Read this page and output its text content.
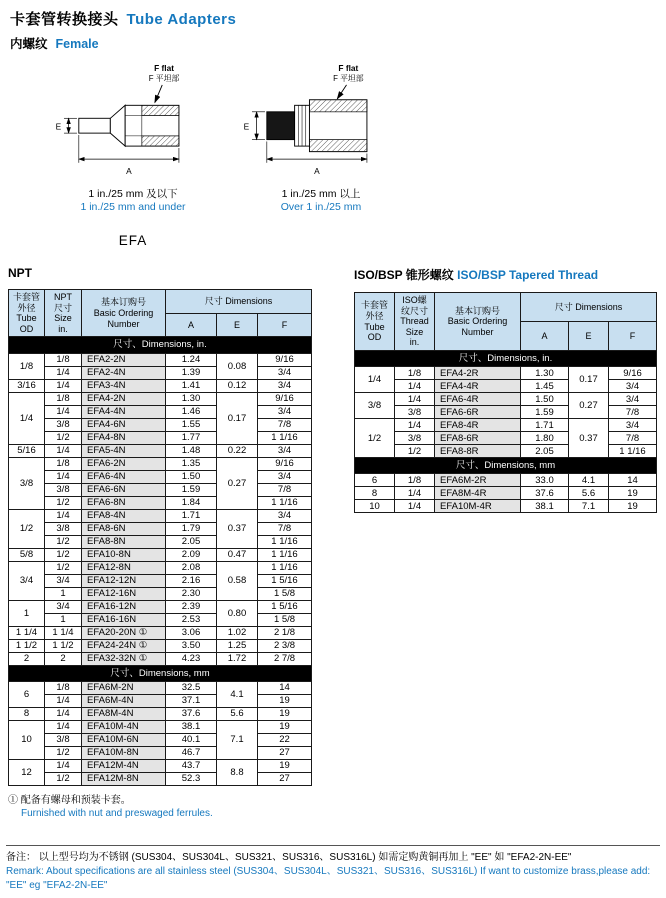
卡套管转换接头 Tube Adapters
内螺纹 Female
F flat
F 平坦部
E
A
1 in./25 mm 及以下
1 in./25 mm and under
F flat
F 平坦部
E
A
1 in./25 mm 以上
Over 1 in./25 mm
EFA
NPT
卡套管
外径
Tube
OD	NPT
尺寸
Size
in.	基本订购号
Basic Ordering
Number	尺寸 Dimensions		
			A	E	F
尺寸、Dimensions, in.					
1/8	1/8	EFA2-2N	1.24	0.08	9/16
	1/4	EFA2-4N	1.39		3/4
3/16	1/4	EFA3-4N	1.41	0.12	3/4
1/4	1/8	EFA4-2N	1.30	0.17	9/16
	1/4	EFA4-4N	1.46		3/4
	3/8	EFA4-6N	1.55		7/8
	1/2	EFA4-8N	1.77		1 1/16
5/16	1/4	EFA5-4N	1.48	0.22	3/4
3/8	1/8	EFA6-2N	1.35	0.27	9/16
	1/4	EFA6-4N	1.50		3/4
	3/8	EFA6-6N	1.59		7/8
	1/2	EFA6-8N	1.84		1 1/16
1/2	1/4	EFA8-4N	1.71	0.37	3/4
	3/8	EFA8-6N	1.79		7/8
	1/2	EFA8-8N	2.05		1 1/16
5/8	1/2	EFA10-8N	2.09	0.47	1 1/16
3/4	1/2	EFA12-8N	2.08	0.58	1 1/16
	3/4	EFA12-12N	2.16		1 5/16
	1	EFA12-16N	2.30		1 5/8
1	3/4	EFA16-12N	2.39	0.80	1 5/16
	1	EFA16-16N	2.53		1 5/8
1 1/4	1 1/4	EFA20-20N ①	3.06	1.02	2 1/8
1 1/2	1 1/2	EFA24-24N ①	3.50	1.25	2 3/8
2	2	EFA32-32N ①	4.23	1.72	2 7/8
尺寸、Dimensions, mm					
6	1/8	EFA6M-2N	32.5	4.1	14
	1/4	EFA6M-4N	37.1		19
8	1/4	EFA8M-4N	37.6	5.6	19
10	1/4	EFA10M-4N	38.1	7.1	19
	3/8	EFA10M-6N	40.1		22
	1/2	EFA10M-8N	46.7		27
12	1/4	EFA12M-4N	43.7	8.8	19
	1/2	EFA12M-8N	52.3		27
① 配备有螺母和预装卡套。
Furnished with nut and preswaged ferrules.
ISO/BSP 锥形螺纹 ISO/BSP Tapered Thread
卡套管
外径
Tube
OD	ISO螺
纹尺寸
Thread
Size
in.	基本订购号
Basic Ordering
Number	尺寸 Dimensions		
			A	E	F
尺寸、Dimensions, in.					
1/4	1/8	EFA4-2R	1.30	0.17	9/16
	1/4	EFA4-4R	1.45		3/4
3/8	1/4	EFA6-4R	1.50	0.27	3/4
	3/8	EFA6-6R	1.59		7/8
1/2	1/4	EFA8-4R	1.71	0.37	3/4
	3/8	EFA8-6R	1.80		7/8
	1/2	EFA8-8R	2.05		1 1/16
尺寸、Dimensions, mm					
6	1/8	EFA6M-2R	33.0	4.1	14
8	1/4	EFA8M-4R	37.6	5.6	19
10	1/4	EFA10M-4R	38.1	7.1	19
备注： 以上型号均为不锈钢 (SUS304、SUS304L、SUS321、SUS316、SUS316L) 如需定购黄铜再加上 "EE" 如 "EFA2-2N-EE"
Remark: About specifications are all stainless steel (SUS304、SUS304L、SUS321、SUS316、SUS316L) If want to customize brass,please add: "EE" eg "EFA2-2N-EE"
